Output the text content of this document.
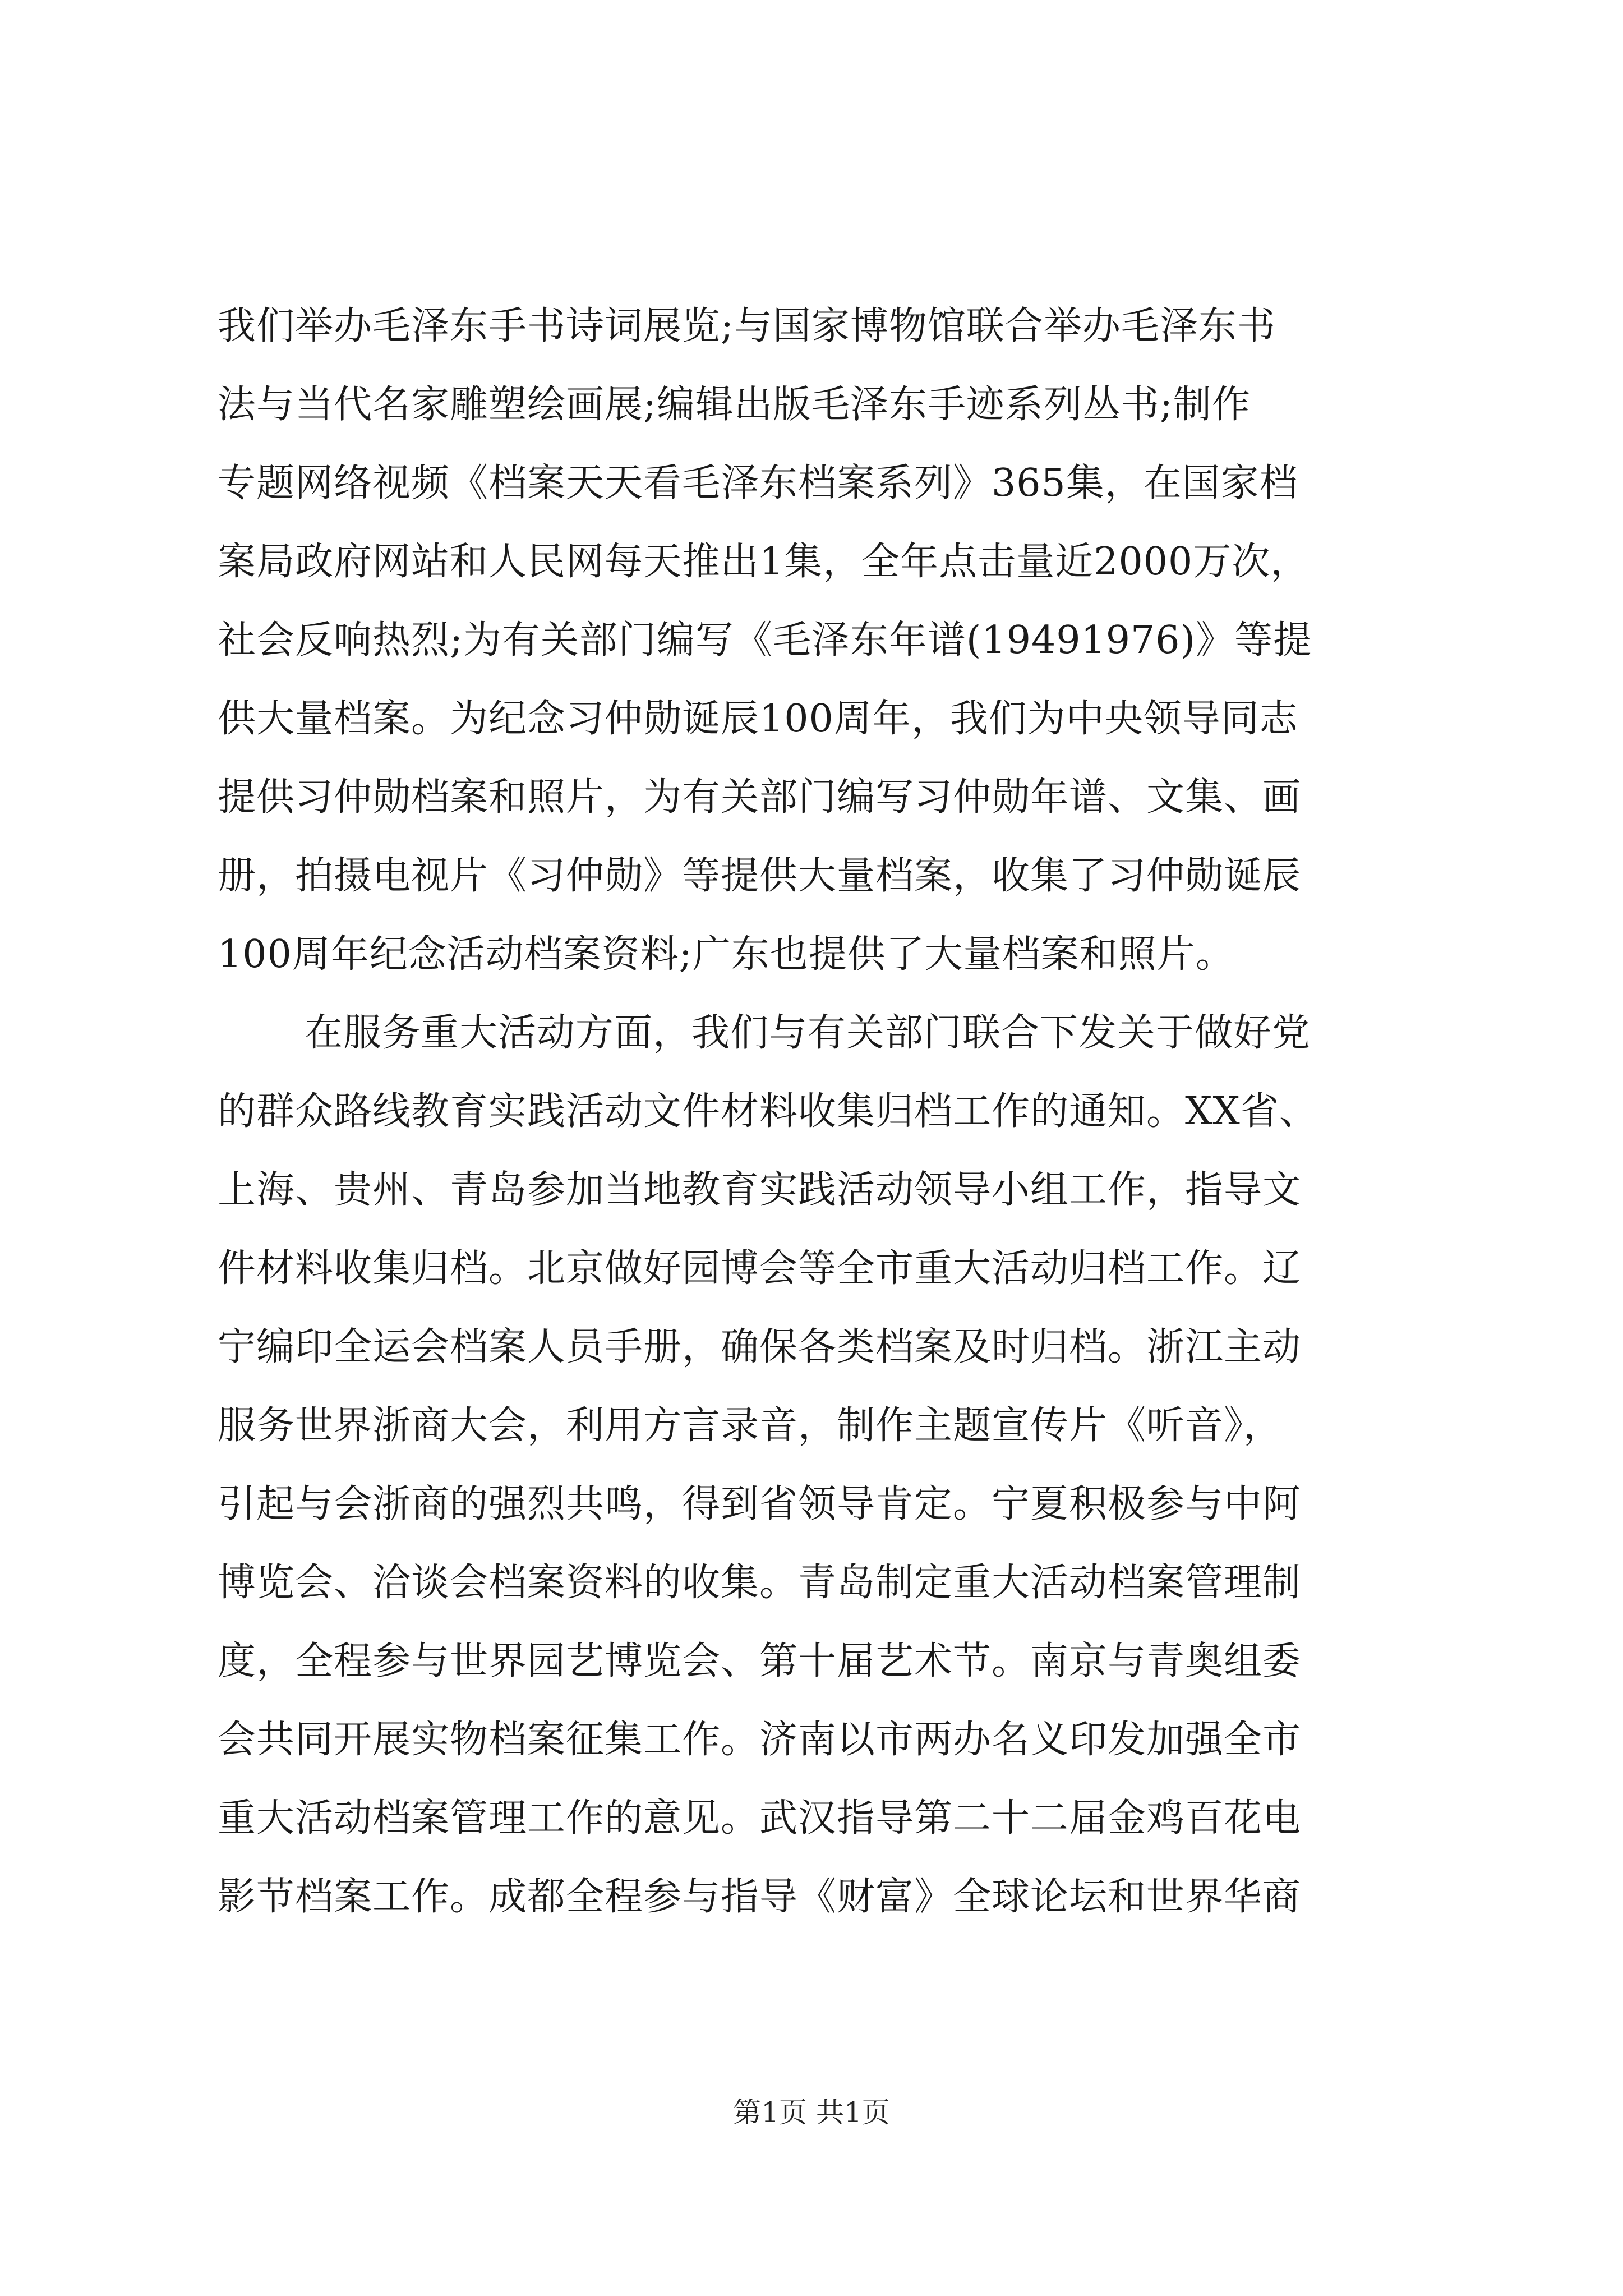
我们举办毛泽东手书诗词展览;与国家博物馆联合举办毛泽东书
法与当代名家雕塑绘画展;编辑出版毛泽东手迹系列丛书;制作
专题网络视频《档案天天看毛泽东档案系列》365集，在国家档
案局政府网站和人民网每天推出1集，全年点击量近2000万次，
社会反响热烈;为有关部门编写《毛泽东年谱(19491976)》等提
供大量档案。为纪念习仲勋诞辰100周年，我们为中央领导同志
提供习仲勋档案和照片，为有关部门编写习仲勋年谱、文集、画
册，拍摄电视片《习仲勋》等提供大量档案，收集了习仲勋诞辰
100周年纪念活动档案资料;广东也提供了大量档案和照片。
在服务重大活动方面，我们与有关部门联合下发关于做好党
的群众路线教育实践活动文件材料收集归档工作的通知。XX省、
上海、贵州、青岛参加当地教育实践活动领导小组工作，指导文
件材料收集归档。北京做好园博会等全市重大活动归档工作。辽
宁编印全运会档案人员手册，确保各类档案及时归档。浙江主动
服务世界浙商大会，利用方言录音，制作主题宣传片《听音》，
引起与会浙商的强烈共鸣，得到省领导肯定。宁夏积极参与中阿
博览会、洽谈会档案资料的收集。青岛制定重大活动档案管理制
度，全程参与世界园艺博览会、第十届艺术节。南京与青奥组委
会共同开展实物档案征集工作。济南以市两办名义印发加强全市
重大活动档案管理工作的意见。武汉指导第二十二届金鸡百花电
影节档案工作。成都全程参与指导《财富》全球论坛和世界华商
第1页 共1页
